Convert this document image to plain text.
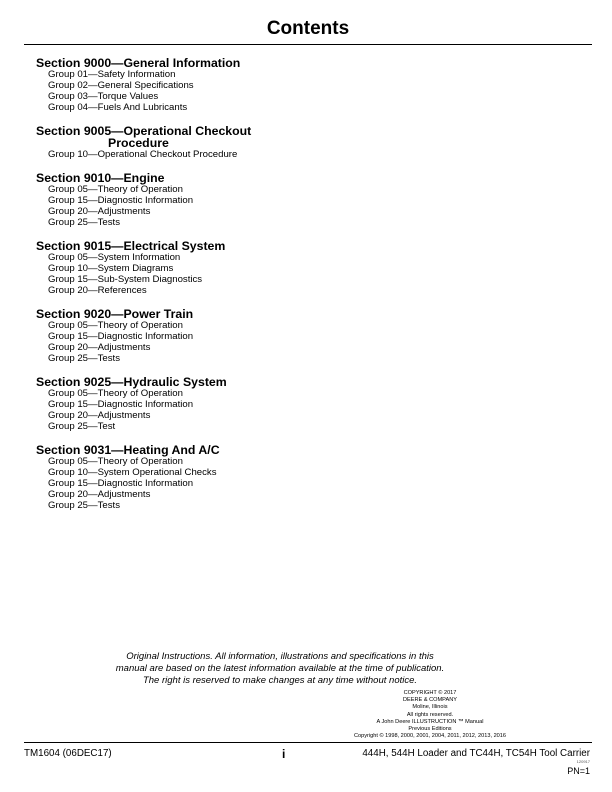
Contents
Section 9000—General Information
Group 01—Safety Information
Group 02—General Specifications
Group 03—Torque Values
Group 04—Fuels And Lubricants
Section 9005—Operational Checkout
Procedure
Group 10—Operational Checkout Procedure
Section 9010—Engine
Group 05—Theory of Operation
Group 15—Diagnostic Information
Group 20—Adjustments
Group 25—Tests
Section 9015—Electrical System
Group 05—System Information
Group 10—System Diagrams
Group 15—Sub-System Diagnostics
Group 20—References
Section 9020—Power Train
Group 05—Theory of Operation
Group 15—Diagnostic Information
Group 20—Adjustments
Group 25—Tests
Section 9025—Hydraulic System
Group 05—Theory of Operation
Group 15—Diagnostic Information
Group 20—Adjustments
Group 25—Test
Section 9031—Heating And A/C
Group 05—Theory of Operation
Group 10—System Operational Checks
Group 15—Diagnostic Information
Group 20—Adjustments
Group 25—Tests
Original Instructions. All information, illustrations and specifications in this
manual are based on the latest information available at the time of publication.
The right is reserved to make changes at any time without notice.
COPYRIGHT © 2017
DEERE & COMPANY
Moline, Illinois
All rights reserved.
A John Deere ILLUSTRUCTION ™ Manual
Previous Editions
Copyright © 1998, 2000, 2001, 2004, 2011, 2012, 2013, 2016
TM1604 (06DEC17)	i	444H, 544H Loader and TC44H, TC54H Tool Carrier
120917
PN=1
